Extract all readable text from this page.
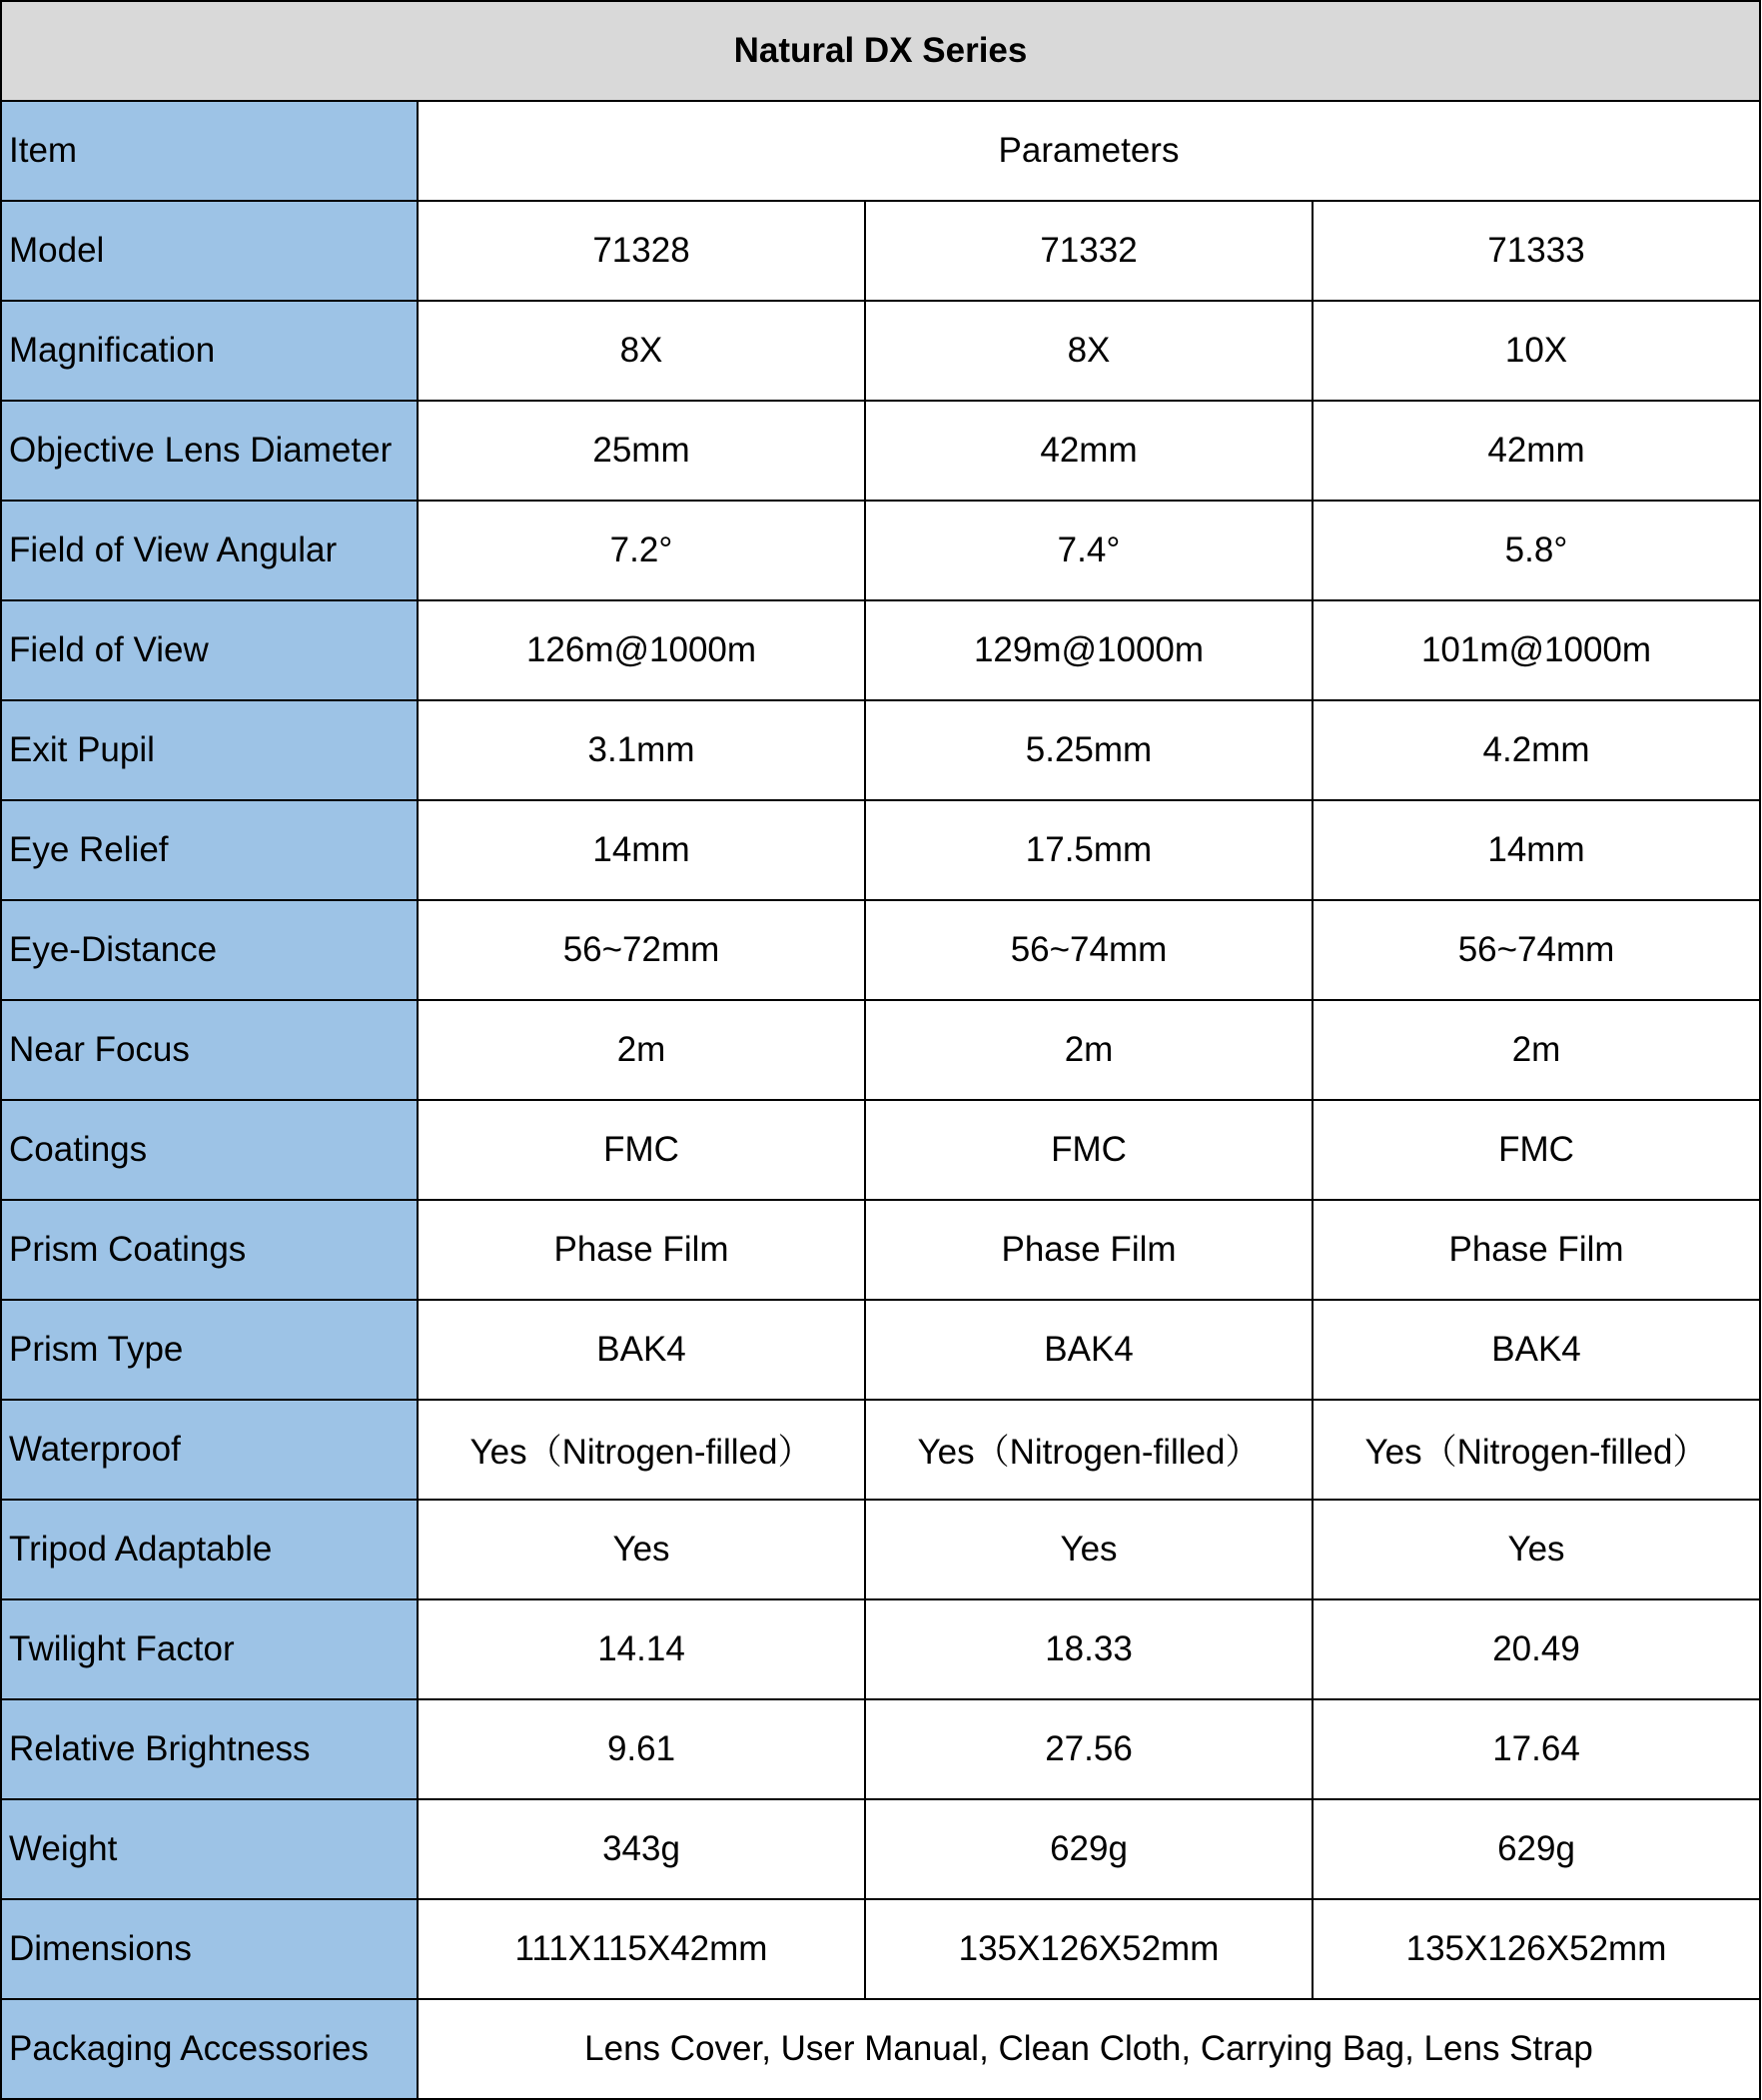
Natural DX Series			
Item	Parameters		
Model	71328	71332	71333
Magnification	8X	8X	10X
Objective Lens Diameter	25mm	42mm	42mm
Field of View Angular	7.2°	7.4°	5.8°
Field of View	126m@1000m	129m@1000m	101m@1000m
Exit Pupil	3.1mm	5.25mm	4.2mm
Eye Relief	14mm	17.5mm	14mm
Eye-Distance	56~72mm	56~74mm	56~74mm
Near Focus	2m	2m	2m
Coatings	FMC	FMC	FMC
Prism Coatings	Phase Film	Phase Film	Phase Film
Prism Type	BAK4	BAK4	BAK4
Waterproof	Yes（Nitrogen-filled）	Yes（Nitrogen-filled）	Yes（Nitrogen-filled）
Tripod Adaptable	Yes	Yes	Yes
Twilight Factor	14.14	18.33	20.49
Relative Brightness	9.61	27.56	17.64
Weight	343g	629g	629g
Dimensions	111X115X42mm	135X126X52mm	135X126X52mm
Packaging Accessories	Lens Cover, User Manual, Clean Cloth, Carrying Bag, Lens Strap		
